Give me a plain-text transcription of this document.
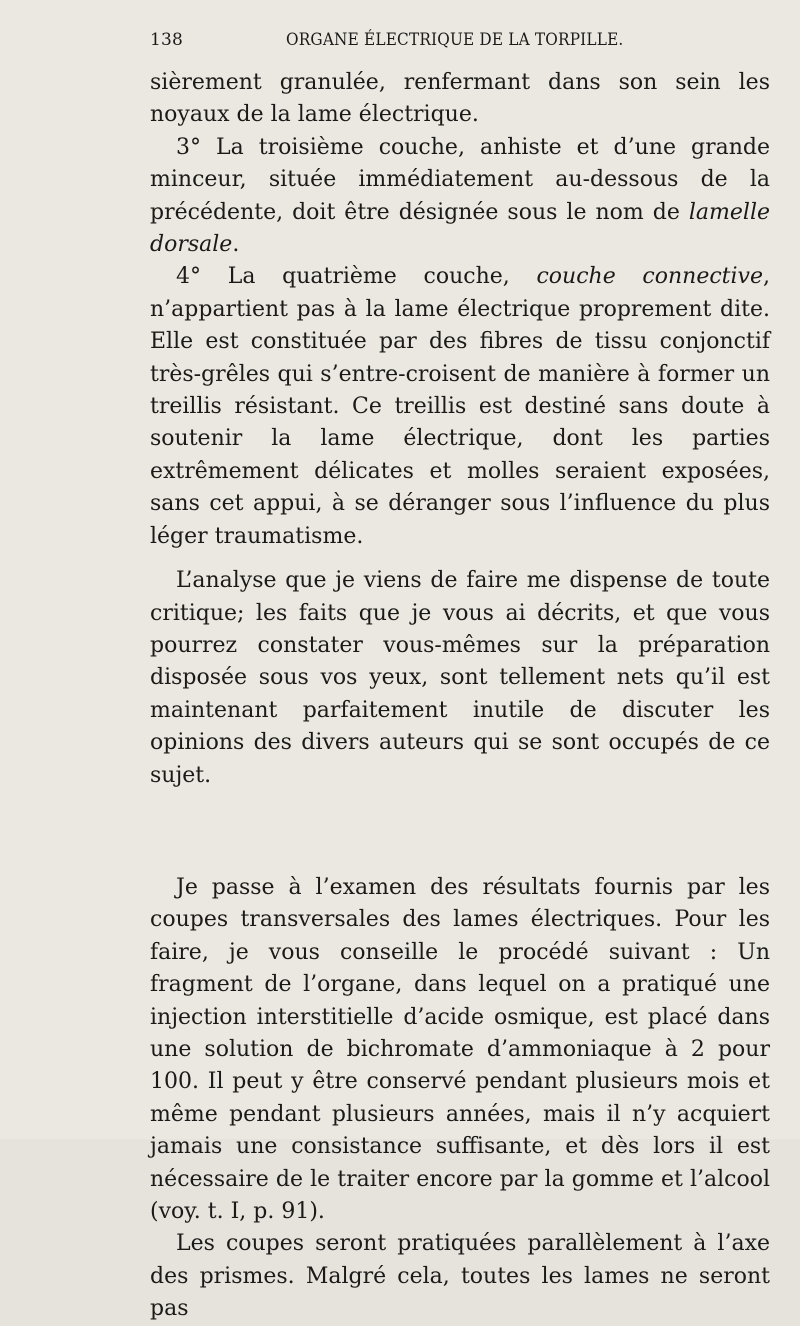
138	ORGANE ÉLECTRIQUE DE LA TORPILLE.

sièrement granulée, renfermant dans son sein les noyaux de la lame électrique.

3° La troisième couche, anhiste et d’une grande minceur, située immédiatement au-dessous de la précédente, doit être désignée sous le nom de lamelle dorsale.

4° La quatrième couche, couche connective, n’appartient pas à la lame électrique proprement dite. Elle est constituée par des fibres de tissu conjonctif très-grêles qui s’entre-croisent de manière à former un treillis résistant. Ce treillis est destiné sans doute à soutenir la lame électrique, dont les parties extrêmement délicates et molles seraient exposées, sans cet appui, à se déranger sous l’influence du plus léger traumatisme.

L’analyse que je viens de faire me dispense de toute critique; les faits que je vous ai décrits, et que vous pourrez constater vous-mêmes sur la préparation disposée sous vos yeux, sont tellement nets qu’il est maintenant parfaitement inutile de discuter les opinions des divers auteurs qui se sont occupés de ce sujet.

Je passe à l’examen des résultats fournis par les coupes transversales des lames électriques. Pour les faire, je vous conseille le procédé suivant : Un fragment de l’organe, dans lequel on a pratiqué une injection interstitielle d’acide osmique, est placé dans une solution de bichromate d’ammoniaque à 2 pour 100. Il peut y être conservé pendant plusieurs mois et même pendant plusieurs années, mais il n’y acquiert jamais une consistance suffisante, et dès lors il est nécessaire de le traiter encore par la gomme et l’alcool (voy. t. I, p. 91).

Les coupes seront pratiquées parallèlement à l’axe des prismes. Malgré cela, toutes les lames ne seront pas
